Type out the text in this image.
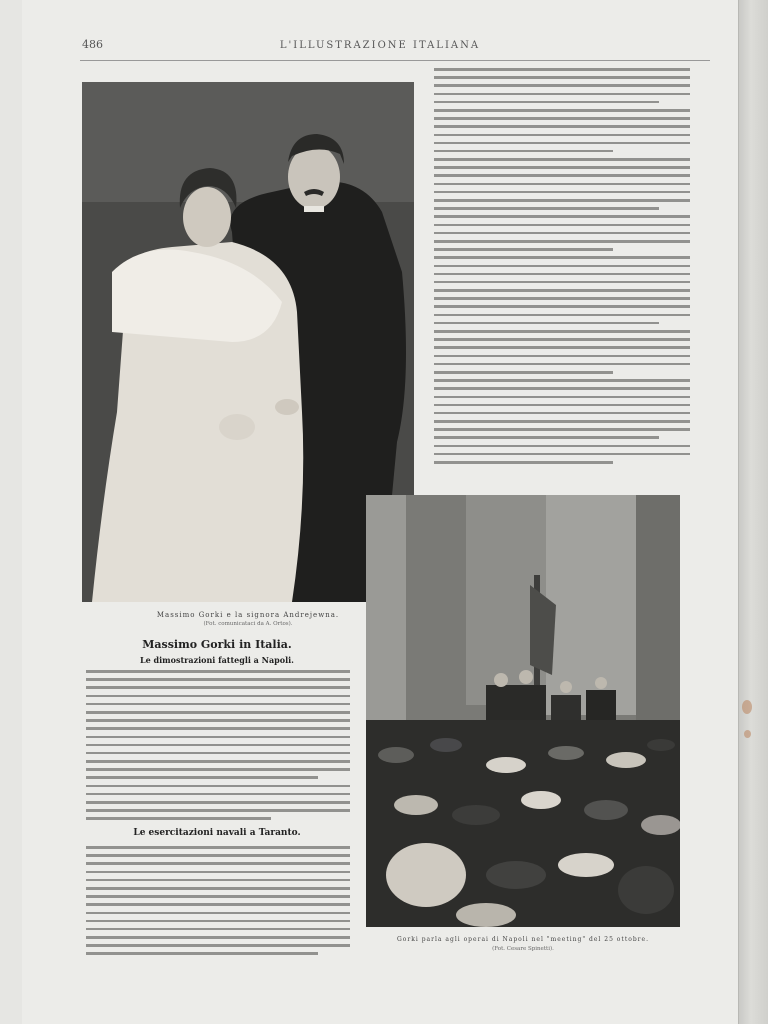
486	L'ILLUSTRAZIONE ITALIANA
Massimo Gorki e la signora Andrejewna.
(Fot. comunicataci da A. Ortos).
Gorki parla agli operai di Napoli nel "meeting" del 25 ottobre.
(Fot. Cesare Spinetti).
Massimo Gorki in Italia.
Le dimostrazioni fattegli a Napoli.
Le esercitazioni navali a Taranto.
